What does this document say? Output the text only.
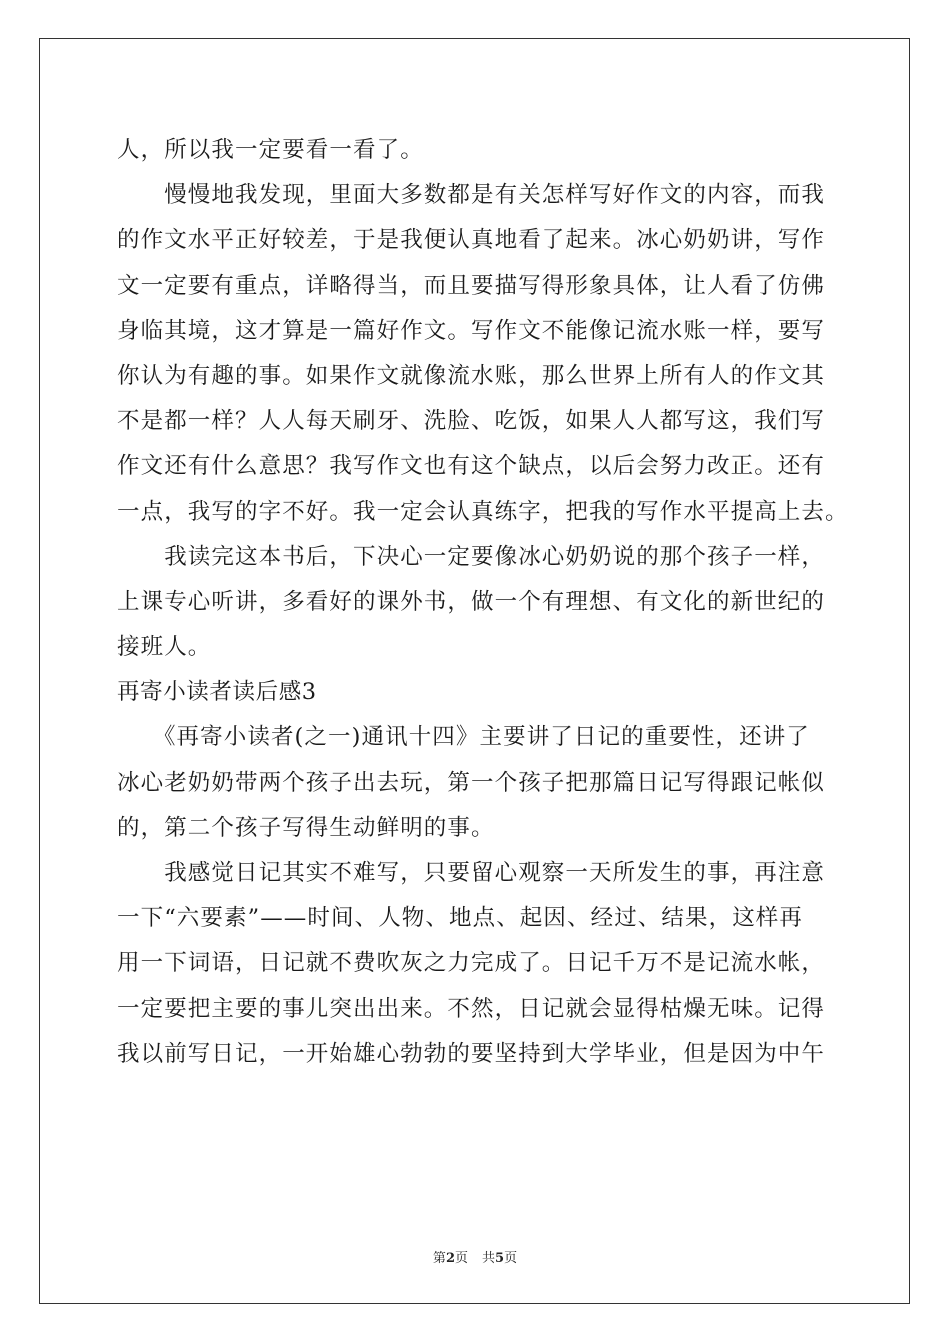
人，所以我一定要看一看了。
　　慢慢地我发现，里面大多数都是有关怎样写好作文的内容，而我
的作文水平正好较差，于是我便认真地看了起来。冰心奶奶讲，写作
文一定要有重点，详略得当，而且要描写得形象具体，让人看了仿佛
身临其境，这才算是一篇好作文。写作文不能像记流水账一样，要写
你认为有趣的事。如果作文就像流水账，那么世界上所有人的作文其
不是都一样？人人每天刷牙、洗脸、吃饭，如果人人都写这，我们写
作文还有什么意思？我写作文也有这个缺点，以后会努力改正。还有
一点，我写的字不好。我一定会认真练字，把我的写作水平提高上去。
　　我读完这本书后，下决心一定要像冰心奶奶说的那个孩子一样，
上课专心听讲，多看好的课外书，做一个有理想、有文化的新世纪的
接班人。
再寄小读者读后感3
　　《再寄小读者(之一)通讯十四》主要讲了日记的重要性，还讲了
冰心老奶奶带两个孩子出去玩，第一个孩子把那篇日记写得跟记帐似
的，第二个孩子写得生动鲜明的事。
　　我感觉日记其实不难写，只要留心观察一天所发生的事，再注意
一下“六要素”——时间、人物、地点、起因、经过、结果，这样再
用一下词语，日记就不费吹灰之力完成了。日记千万不是记流水帐，
一定要把主要的事儿突出出来。不然，日记就会显得枯燥无味。记得
我以前写日记，一开始雄心勃勃的要坚持到大学毕业，但是因为中午
第2页 共5页
